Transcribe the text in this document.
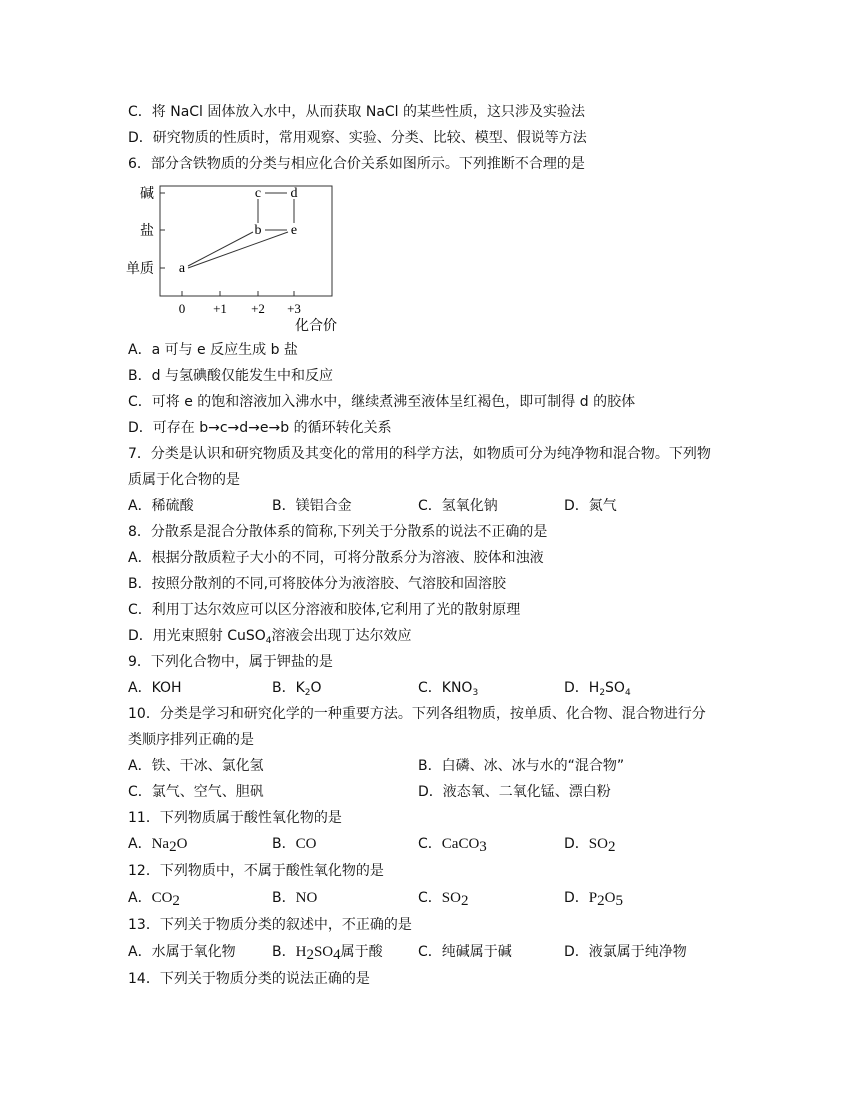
C．将 NaCl 固体放入水中，从而获取 NaCl 的某些性质，这只涉及实验法
D．研究物质的性质时，常用观察、实验、分类、比较、模型、假说等方法
6．部分含铁物质的分类与相应化合价关系如图所示。下列推断不合理的是
碱
盐
单质
0 +1 +2 +3
化合价
a
b
c d
e
A．a 可与 e 反应生成 b 盐
B．d 与氢碘酸仅能发生中和反应
C．可将 e 的饱和溶液加入沸水中，继续煮沸至液体呈红褐色，即可制得 d 的胶体
D．可存在 b→c→d→e→b 的循环转化关系
7．分类是认识和研究物质及其变化的常用的科学方法，如物质可分为纯净物和混合物。下列物
质属于化合物的是
A．稀硫酸	B．镁铝合金	C．氢氧化钠	D．氮气
8．分散系是混合分散体系的简称,下列关于分散系的说法不正确的是
A．根据分散质粒子大小的不同，可将分散系分为溶液、胶体和浊液
B．按照分散剂的不同,可将胶体分为液溶胶、气溶胶和固溶胶
C．利用丁达尔效应可以区分溶液和胶体,它利用了光的散射原理
D．用光束照射 CuSO$_4$溶液会出现丁达尔效应
9．下列化合物中，属于钾盐的是
A．KOH	B．$K_2O$	C．$KNO_3$	D．$H_2SO_4$
10．分类是学习和研究化学的一种重要方法。下列各组物质，按单质、化合物、混合物进行分
类顺序排列正确的是
A．铁、干冰、氯化氢	B．白磷、冰、冰与水的“混合物”
C．氯气、空气、胆矾	D．液态氧、二氧化锰、漂白粉
11．下列物质属于酸性氧化物的是
A．$Na_2O$	B．CO	C．CaCO$_3$	D．$SO_2$
12．下列物质中，不属于酸性氧化物的是
A．$CO_2$	B．NO	C．$SO_2$	D．$P_2O_5$
13．下列关于物质分类的叙述中，不正确的是
A．水属于氧化物	B．$H_2SO_4$属于酸	C．纯碱属于碱	D．液氯属于纯净物
14．下列关于物质分类的说法正确的是
